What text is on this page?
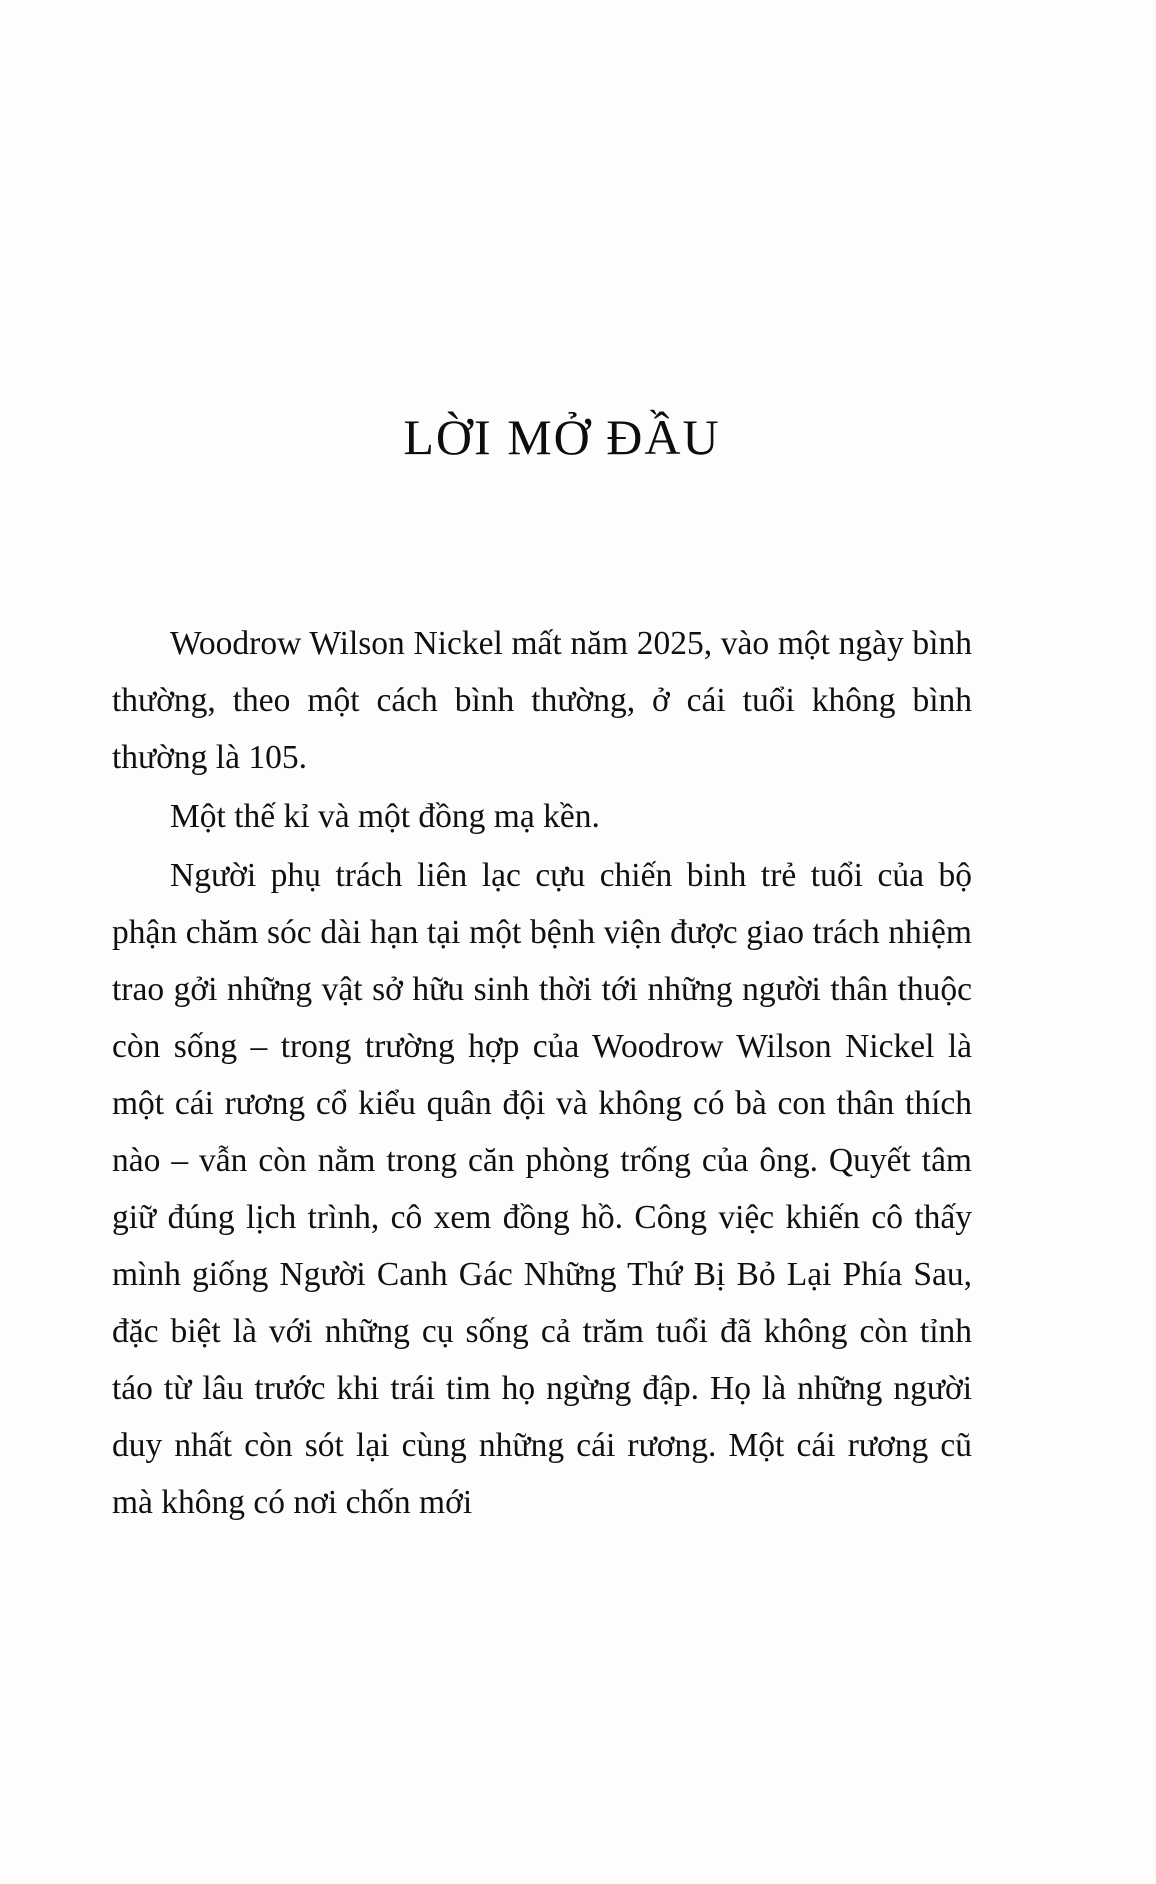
LỜI MỞ ĐẦU

Woodrow Wilson Nickel mất năm 2025, vào một ngày bình thường, theo một cách bình thường, ở cái tuổi không bình thường là 105.

Một thế kỉ và một đồng mạ kền.

Người phụ trách liên lạc cựu chiến binh trẻ tuổi của bộ phận chăm sóc dài hạn tại một bệnh viện được giao trách nhiệm trao gởi những vật sở hữu sinh thời tới những người thân thuộc còn sống – trong trường hợp của Woodrow Wilson Nickel là một cái rương cổ kiểu quân đội và không có bà con thân thích nào – vẫn còn nằm trong căn phòng trống của ông. Quyết tâm giữ đúng lịch trình, cô xem đồng hồ. Công việc khiến cô thấy mình giống Người Canh Gác Những Thứ Bị Bỏ Lại Phía Sau, đặc biệt là với những cụ sống cả trăm tuổi đã không còn tỉnh táo từ lâu trước khi trái tim họ ngừng đập. Họ là những người duy nhất còn sót lại cùng những cái rương. Một cái rương cũ mà không có nơi chốn mới
